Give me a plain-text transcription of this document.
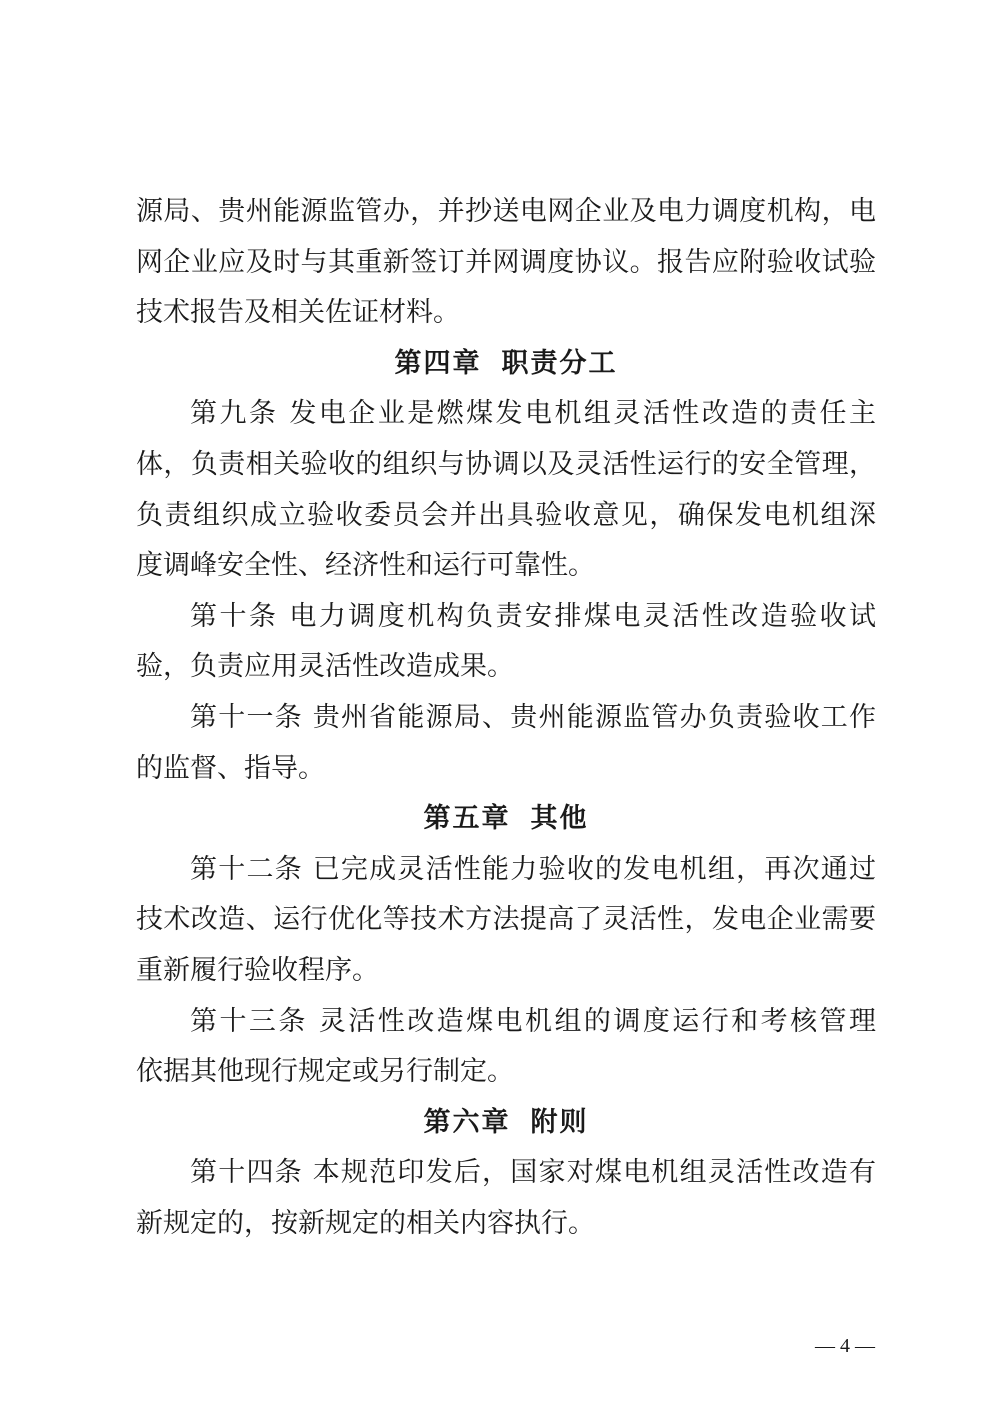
源局、贵州能源监管办，并抄送电网企业及电力调度机构，电
网企业应及时与其重新签订并网调度协议。报告应附验收试验
技术报告及相关佐证材料。
第四章 职责分工
第九条 发电企业是燃煤发电机组灵活性改造的责任主
体，负责相关验收的组织与协调以及灵活性运行的安全管理，
负责组织成立验收委员会并出具验收意见，确保发电机组深
度调峰安全性、经济性和运行可靠性。
第十条 电力调度机构负责安排煤电灵活性改造验收试
验，负责应用灵活性改造成果。
第十一条 贵州省能源局、贵州能源监管办负责验收工作
的监督、指导。
第五章 其他
第十二条 已完成灵活性能力验收的发电机组，再次通过
技术改造、运行优化等技术方法提高了灵活性，发电企业需要
重新履行验收程序。
第十三条 灵活性改造煤电机组的调度运行和考核管理
依据其他现行规定或另行制定。
第六章 附则
第十四条 本规范印发后，国家对煤电机组灵活性改造有
新规定的，按新规定的相关内容执行。
— 4 —
